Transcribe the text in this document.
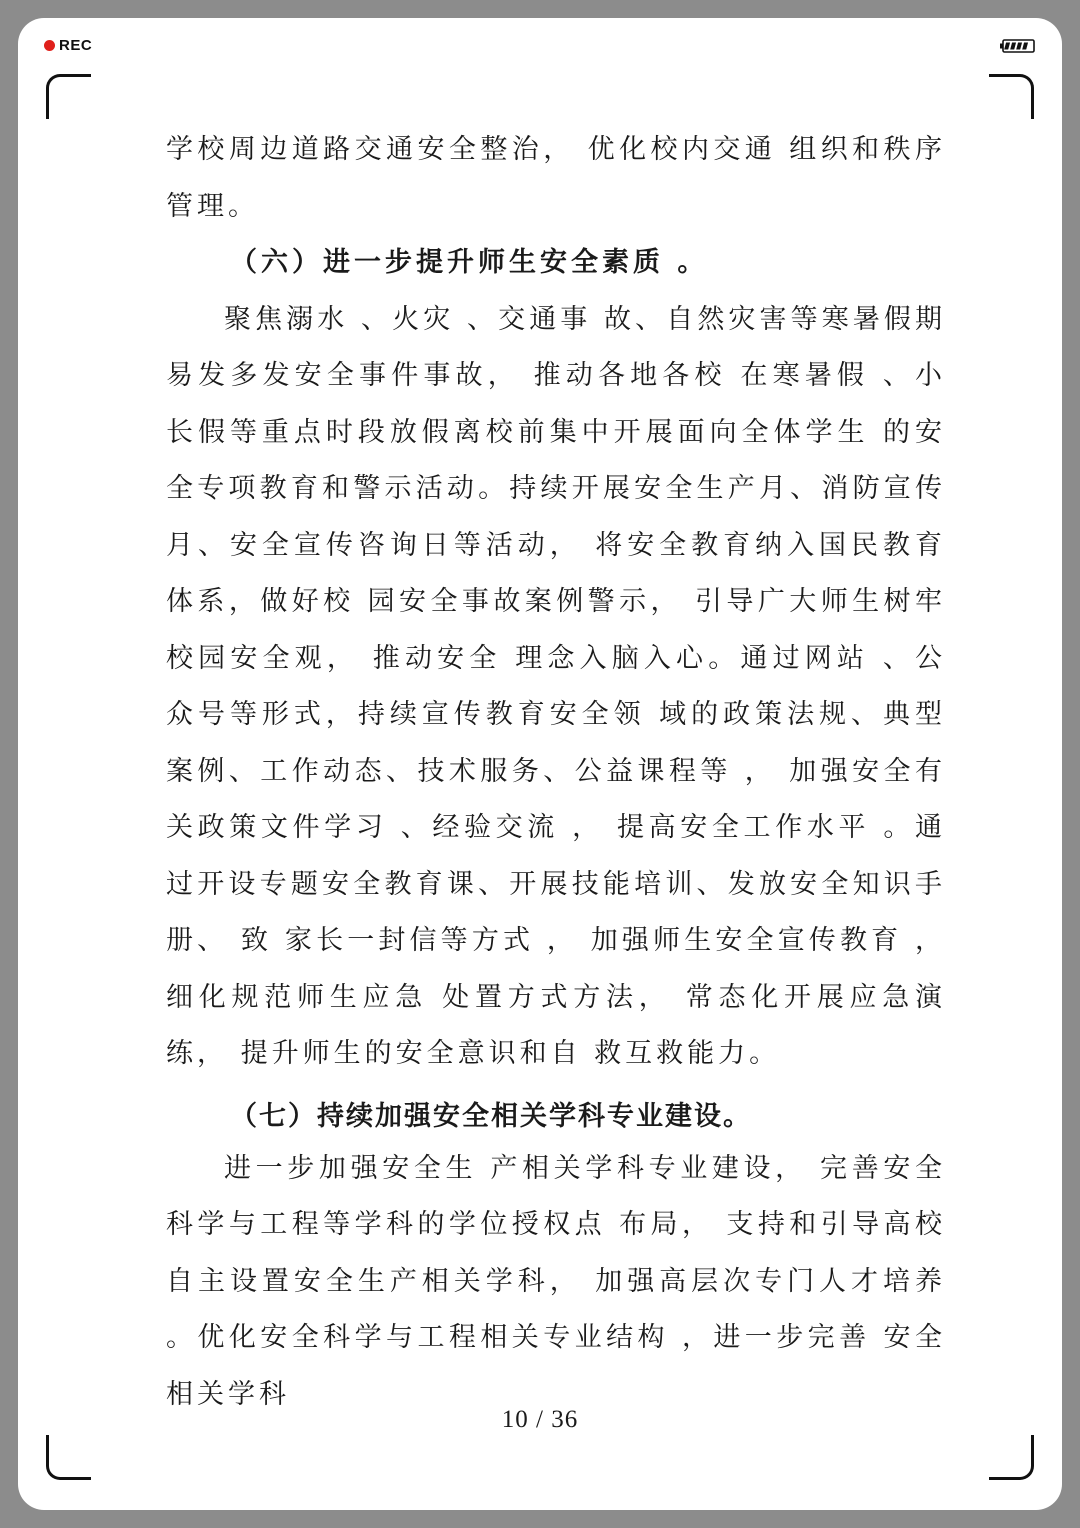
REC

学校周边道路交通安全整治， 优化校内交通 组织和秩序管理。

（六）进一步提升师生安全素质 。

聚焦溺水 、火灾 、交通事 故、自然灾害等寒暑假期易发多发安全事件事故， 推动各地各校 在寒暑假 、小长假等重点时段放假离校前集中开展面向全体学生 的安全专项教育和警示活动。持续开展安全生产月、消防宣传月、安全宣传咨询日等活动， 将安全教育纳入国民教育体系，做好校 园安全事故案例警示， 引导广大师生树牢校园安全观， 推动安全 理念入脑入心。通过网站 、公众号等形式，持续宣传教育安全领 域的政策法规、典型案例、工作动态、技术服务、公益课程等 ， 加强安全有关政策文件学习 、经验交流 ， 提高安全工作水平 。通 过开设专题安全教育课、开展技能培训、发放安全知识手册、 致 家长一封信等方式 ， 加强师生安全宣传教育 ， 细化规范师生应急 处置方式方法， 常态化开展应急演练， 提升师生的安全意识和自 救互救能力。

（七）持续加强安全相关学科专业建设。

进一步加强安全生 产相关学科专业建设， 完善安全科学与工程等学科的学位授权点 布局， 支持和引导高校自主设置安全生产相关学科， 加强高层次专门人才培养 。优化安全科学与工程相关专业结构 ，进一步完善 安全相关学科

10 / 36
